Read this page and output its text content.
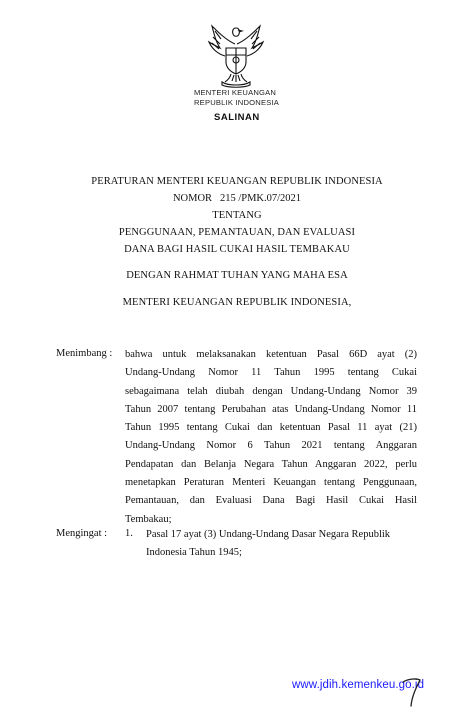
MENTERI KEUANGAN
REPUBLIK INDONESIA
SALINAN
PERATURAN MENTERI KEUANGAN REPUBLIK INDONESIA
NOMOR 215 /PMK.07/2021
TENTANG
PENGGUNAAN, PEMANTAUAN, DAN EVALUASI
DANA BAGI HASIL CUKAI HASIL TEMBAKAU
DENGAN RAHMAT TUHAN YANG MAHA ESA
MENTERI KEUANGAN REPUBLIK INDONESIA,
Menimbang : bahwa untuk melaksanakan ketentuan Pasal 66D ayat (2)
Undang-Undang Nomor 11 Tahun 1995 tentang Cukai
sebagaimana telah diubah dengan Undang-Undang Nomor 39
Tahun 2007 tentang Perubahan atas Undang-Undang Nomor 11
Tahun 1995 tentang Cukai dan ketentuan Pasal 11 ayat (21)
Undang-Undang Nomor 6 Tahun 2021 tentang Anggaran
Pendapatan dan Belanja Negara Tahun Anggaran 2022, perlu
menetapkan Peraturan Menteri Keuangan tentang Penggunaan,
Pemantauan, dan Evaluasi Dana Bagi Hasil Cukai Hasil
Tembakau;
Mengingat : 1. Pasal 17 ayat (3) Undang-Undang Dasar Negara Republik
Indonesia Tahun 1945;
www.jdih.kemenkeu.go.id
